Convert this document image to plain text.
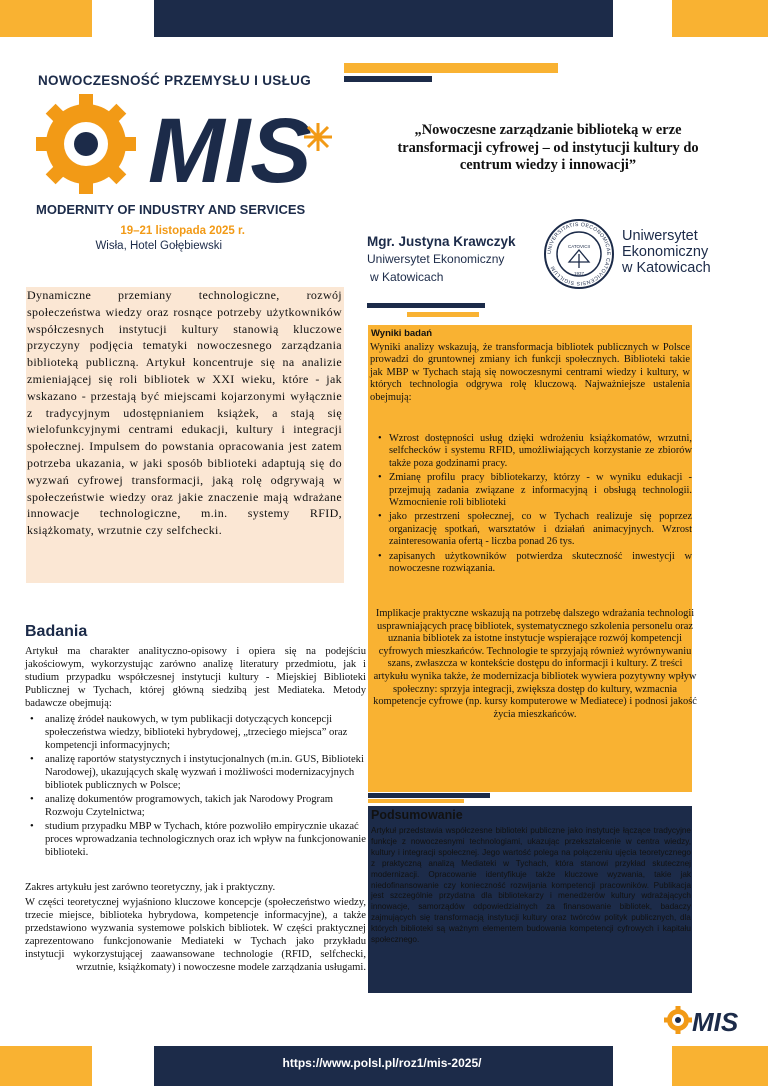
NOWOCZESNOŚĆ PRZEMYSŁU I USŁUG
MIS
MODERNITY OF INDUSTRY AND SERVICES
19–21 listopada 2025 r.
Wisła, Hotel Gołębiewski
„Nowoczesne zarządzanie biblioteką w erze transformacji cyfrowej – od instytucji kultury do centrum wiedzy i innowacji”
Mgr. Justyna Krawczyk
Uniwersytet Ekonomiczny
w Katowicach
UNIVERSITATIS OECONOMICAE CATOVICENSIS SIGILLUM
CATOVICII
1937
Uniwersytet
Ekonomiczny
w Katowicach
Dynamiczne przemiany technologiczne, rozwój społeczeństwa wiedzy oraz rosnące potrzeby użytkowników współczesnych instytucji kultury stanowią kluczowe przyczyny podjęcia tematyki nowoczesnego zarządzania biblioteką publiczną. Artykuł koncentruje się na analizie zmieniającej się roli bibliotek w XXI wieku, które - jak wskazano - przestają być miejscami kojarzonymi wyłącznie z tradycyjnym udostępnianiem książek, a stają się wielofunkcyjnymi centrami edukacji, kultury i integracji społecznej. Impulsem do powstania opracowania jest zatem potrzeba ukazania, w jaki sposób biblioteki adaptują się do wyzwań cyfrowej transformacji, jaką rolę odgrywają w społeczeństwie wiedzy oraz jakie znaczenie mają wdrażane innowacje technologiczne, m.in. systemy RFID, książkomaty, wrzutnie czy selfchecki.
Wyniki badań
Wyniki analizy wskazują, że transformacja bibliotek publicznych w Polsce prowadzi do gruntownej zmiany ich funkcji społecznych. Biblioteki takie jak MBP w Tychach stają się nowoczesnymi centrami wiedzy i kultury, w których technologia odgrywa rolę kluczową. Najważniejsze ustalenia obejmują:
• Wzrost dostępności usług dzięki wdrożeniu książkomatów, wrzutni, selfchecków i systemu RFID, umożliwiających korzystanie ze zbiorów także poza godzinami pracy.
• Zmianę profilu pracy bibliotekarzy, którzy - w wyniku edukacji - przejmują zadania związane z informacyjną i obsługą technologii. Wzmocnienie roli biblioteki
• jako przestrzeni społecznej, co w Tychach realizuje się poprzez organizację spotkań, warsztatów i działań animacyjnych. Wzrost zainteresowania ofertą - liczba ponad 26 tys.
• zapisanych użytkowników potwierdza skuteczność inwestycji w nowoczesne rozwiązania.
Implikacje praktyczne wskazują na potrzebę dalszego wdrażania technologii usprawniających pracę bibliotek, systematycznego szkolenia personelu oraz uznania bibliotek za istotne instytucje wspierające rozwój kompetencji cyfrowych mieszkańców. Technologie te sprzyjają również wyrównywaniu szans, zwłaszcza w kontekście dostępu do informacji i kultury. Z treści artykułu wynika także, że modernizacja bibliotek wywiera pozytywny wpływ społeczny: sprzyja integracji, zwiększa dostęp do kultury, wzmacnia kompetencje cyfrowe (np. kursy komputerowe w Mediatece) i podnosi jakość życia mieszkańców.
Badania
Artykuł ma charakter analityczno-opisowy i opiera się na podejściu jakościowym, wykorzystując zarówno analizę literatury przedmiotu, jak i studium przypadku współczesnej instytucji kultury - Miejskiej Biblioteki Publicznej w Tychach, której główną siedzibą jest Mediateka. Metody badawcze obejmują:
• analizę źródeł naukowych, w tym publikacji dotyczących koncepcji społeczeństwa wiedzy, biblioteki hybrydowej, „trzeciego miejsca” oraz kompetencji informacyjnych;
• analizę raportów statystycznych i instytucjonalnych (m.in. GUS, Biblioteki Narodowej), ukazujących skalę wyzwań i możliwości modernizacyjnych bibliotek publicznych w Polsce;
• analizę dokumentów programowych, takich jak Narodowy Program Rozwoju Czytelnictwa;
• studium przypadku MBP w Tychach, które pozwoliło empirycznie ukazać proces wprowadzania technologicznych oraz ich wpływ na funkcjonowanie biblioteki.
Zakres artykułu jest zarówno teoretyczny, jak i praktyczny.
W części teoretycznej wyjaśniono kluczowe koncepcje (społeczeństwo wiedzy, trzecie miejsce, biblioteka hybrydowa, kompetencje informacyjne), a także przedstawiono wyzwania systemowe polskich bibliotek. W części praktycznej zaprezentowano funkcjonowanie Mediateki w Tychach jako przykładu instytucji wykorzystującej zaawansowane technologie (RFID, selfchecki, wrzutnie, książkomaty) i nowoczesne modele zarządzania usługami.
Podsumowanie
Artykuł przedstawia współczesne biblioteki publiczne jako instytucje łączące tradycyjne funkcje z nowoczesnymi technologiami, ukazując przekształcenie w centra wiedzy, kultury i integracji społecznej. Jego wartość polega na połączeniu ujęcia teoretycznego z praktyczną analizą Mediateki w Tychach, która stanowi przykład skutecznej modernizacji. Opracowanie identyfikuje także kluczowe wyzwania, takie jak niedofinansowanie czy konieczność rozwijania kompetencji pracowników. Publikacja jest szczególnie przydatna dla bibliotekarzy i menedżerów kultury wdrażających innowacje, samorządów odpowiedzialnych za finansowanie bibliotek, badaczy zajmujących się transformacją instytucji kultury oraz twórców polityk publicznych, dla których biblioteki są ważnym elementem budowania kompetencji cyfrowych i kapitału społecznego.
MIS
https://www.polsl.pl/roz1/mis-2025/
